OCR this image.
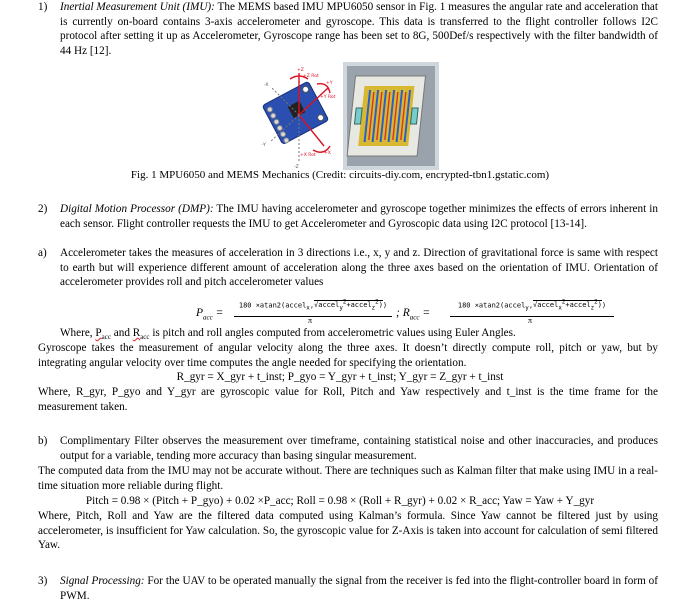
1) Inertial Measurement Unit (IMU): The MEMS based IMU MPU6050 sensor in Fig. 1 measures the angular rate and acceleration that is currently on-board contains 3-axis accelerometer and gyroscope. This data is transferred to the flight controller follows I2C protocol after setting it up as Accelerometer, Gyroscope range has been set to 8G, 500Def/s respectively with the filter bandwidth of 44 Hz [12].

+Z
+Z Rot
+Y
+Y Rot
+X
+X Rot
-Y
-X
-Z

Fig. 1 MPU6050 and MEMS Mechanics (Credit: circuits-diy.com, encrypted-tbn1.gstatic.com)

2) Digital Motion Processor (DMP): The IMU having accelerometer and gyroscope together minimizes the effects of errors inherent in each sensor. Flight controller requests the IMU to get Accelerometer and Gyroscopic data using I2C protocol [13-14].

a) Accelerometer takes the measures of acceleration in 3 directions i.e., x, y and z. Direction of gravitational force is same with respect to earth but will experience different amount of acceleration along the three axes based on the orientation of IMU. Orientation of accelerometer provides roll and pitch accelerometer values

$P_{acc}$ =
180 ×atan2(accel$_x$,√accel$_y^2$+accel$_z^2$))
π
; $R_{acc}$ =
180 ×atan2(accel$_y$,√accel$_x^2$+accel$_z^2$))
π

Where, $P_{acc}$ and $R_{acc}$ is pitch and roll angles computed from accelerometric values using Euler Angles.

Gyroscope takes the measurement of angular velocity along the three axes. It doesn’t directly compute roll, pitch or yaw, but by integrating angular velocity over time computes the angle needed for specifying the orientation.

R_gyr = X_gyr + t_inst; P_gyo = Y_gyr + t_inst; Y_gyr = Z_gyr + t_inst

Where, R_gyr, P_gyo and Y_gyr are gyroscopic value for Roll, Pitch and Yaw respectively and t_inst is the time frame for the measurement taken.

b) Complimentary Filter observes the measurement over timeframe, containing statistical noise and other inaccuracies, and produces output for a variable, tending more accuracy than basing singular measurement.

The computed data from the IMU may not be accurate without. There are techniques such as Kalman filter that make using IMU in a real-time situation more reliable during flight.

Pitch = 0.98 × (Pitch + P_gyo) + 0.02 ×P_acc; Roll = 0.98 × (Roll + R_gyr) + 0.02 × R_acc; Yaw = Yaw + Y_gyr

Where, Pitch, Roll and Yaw are the filtered data computed using Kalman’s formula. Since Yaw cannot be filtered just by using accelerometer, is insufficient for Yaw calculation. So, the gyroscopic value for Z-Axis is taken into account for calculation of semi filtered Yaw.

3) Signal Processing: For the UAV to be operated manually the signal from the receiver is fed into the flight-controller board in form of PWM.
